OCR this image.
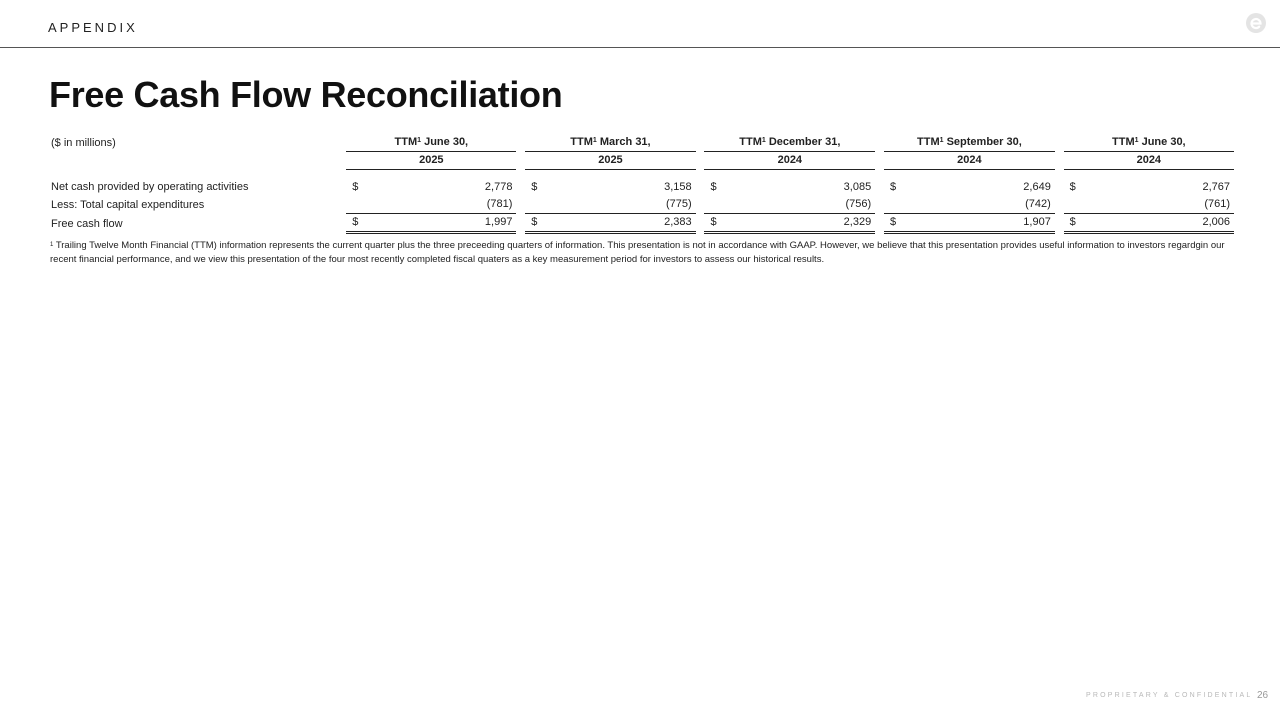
APPENDIX
Free Cash Flow Reconciliation
($ in millions)		TTM$^1$ June 30,			TTM$^1$ March 31,			TTM$^1$ December 31,			TTM$^1$ September 30,			TTM$^1$ June 30,	
		2025			2025			2024			2024			2024	

Net cash provided by operating activities		$	2,778		$	3,158		$	3,085		$	2,649		$	2,767
Less: Total capital expenditures			(781)			(775)			(756)			(742)			(761)
Free cash flow		$	1,997		$	2,383		$	2,329		$	1,907		$	2,006
$^1$ Trailing Twelve Month Financial (TTM) information represents the current quarter plus the three preceeding quarters of information. This presentation is not in accordance with GAAP. However, we believe that this presentation provides useful information to investors regardgin our recent financial performance, and we view this presentation of the four most recently completed fiscal quaters as a key measurement period for investors to assess our historical results.
PROPRIETARY & CONFIDENTIAL 26
